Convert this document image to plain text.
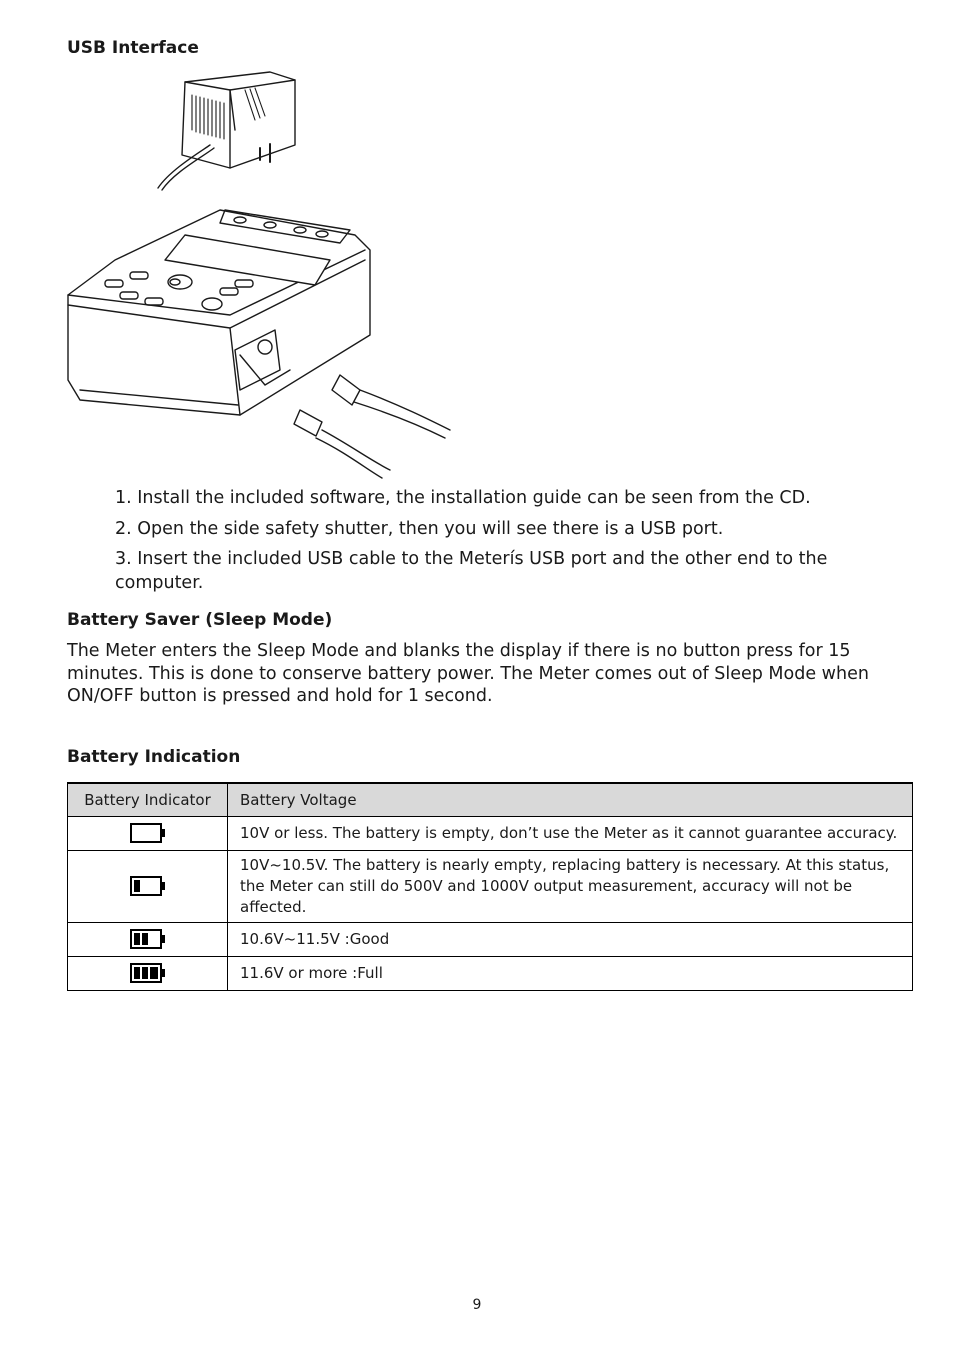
USB Interface
1. Install the included software, the installation guide can be seen from the CD.
2. Open the side safety shutter, then you will see there is a USB port.
3. Insert the included USB cable to the Meterís USB port and the other end to the computer.
Battery Saver (Sleep Mode)

The Meter enters the Sleep Mode and blanks the display if there is no button press for 15 minutes. This is done to conserve battery power. The Meter comes out of Sleep Mode when ON/OFF button is pressed and hold for 1 second.

Battery Indication
Battery Indicator	Battery Voltage
	10V or less. The battery is empty, don’t use the Meter as it cannot guarantee accuracy.
	10V~10.5V. The battery is nearly empty, replacing battery is necessary. At this status, the Meter can still do 500V and 1000V output measurement, accuracy will not be affected.
	10.6V~11.5V :Good
	11.6V or more :Full
9
